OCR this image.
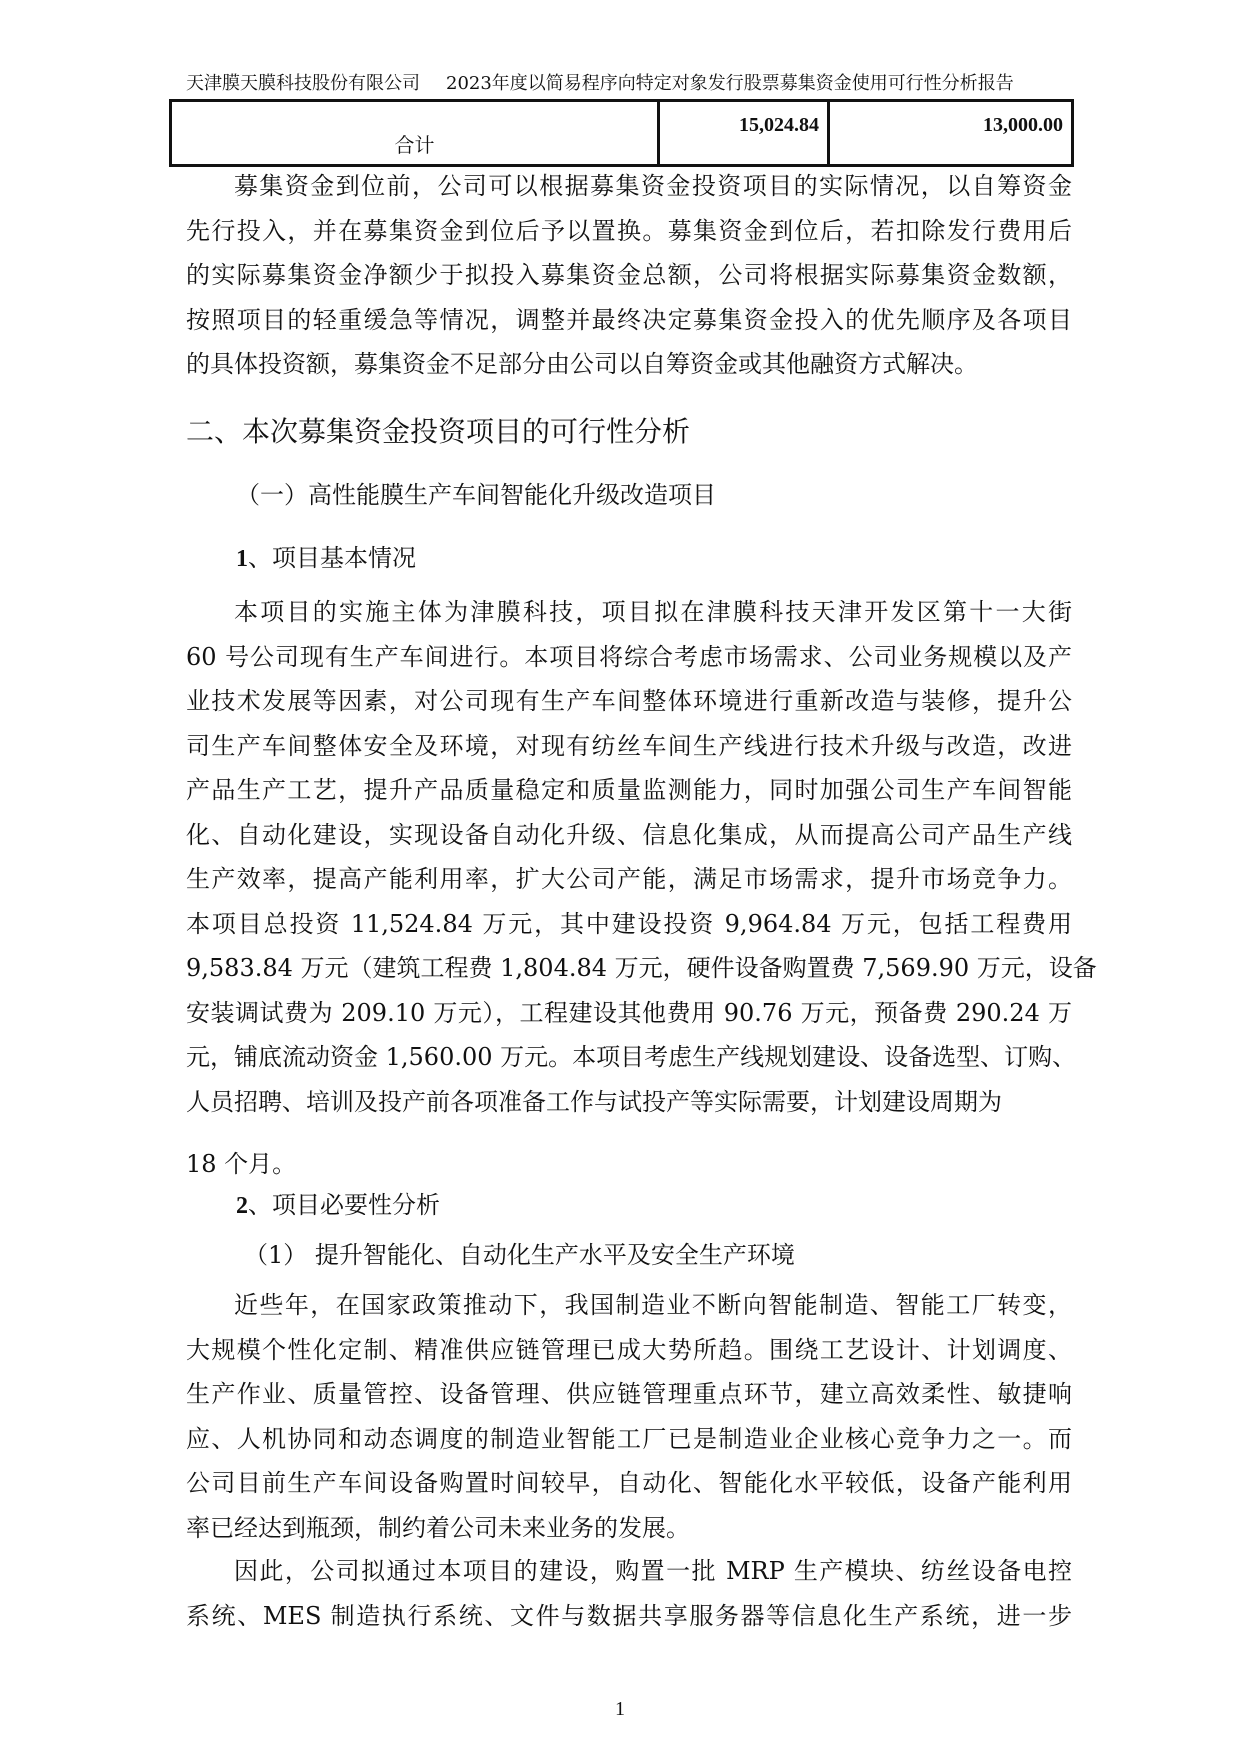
天津膜天膜科技股份有限公司 2023年度以简易程序向特定对象发行股票募集资金使用可行性分析报告
合计	15,024.84	13,000.00
募集资金到位前，公司可以根据募集资金投资项目的实际情况，以自筹资金
先行投入，并在募集资金到位后予以置换。募集资金到位后，若扣除发行费用后
的实际募集资金净额少于拟投入募集资金总额，公司将根据实际募集资金数额，
按照项目的轻重缓急等情况，调整并最终决定募集资金投入的优先顺序及各项目
的具体投资额，募集资金不足部分由公司以自筹资金或其他融资方式解决。
二、本次募集资金投资项目的可行性分析
（一）高性能膜生产车间智能化升级改造项目
1、项目基本情况
本项目的实施主体为津膜科技，项目拟在津膜科技天津开发区第十一大街
60 号公司现有生产车间进行。本项目将综合考虑市场需求、公司业务规模以及产
业技术发展等因素，对公司现有生产车间整体环境进行重新改造与装修，提升公
司生产车间整体安全及环境，对现有纺丝车间生产线进行技术升级与改造，改进
产品生产工艺，提升产品质量稳定和质量监测能力，同时加强公司生产车间智能
化、自动化建设，实现设备自动化升级、信息化集成，从而提高公司产品生产线
生产效率，提高产能利用率，扩大公司产能，满足市场需求，提升市场竞争力。
本项目总投资 11,524.84 万元，其中建设投资 9,964.84 万元，包括工程费用
9,583.84 万元（建筑工程费 1,804.84 万元，硬件设备购置费 7,569.90 万元，设备
安装调试费为 209.10 万元），工程建设其他费用 90.76 万元，预备费 290.24 万
元，铺底流动资金 1,560.00 万元。本项目考虑生产线规划建设、设备选型、订购、
人员招聘、培训及投产前各项准备工作与试投产等实际需要，计划建设周期为
18 个月。
2、项目必要性分析
（1） 提升智能化、自动化生产水平及安全生产环境
近些年，在国家政策推动下，我国制造业不断向智能制造、智能工厂转变，
大规模个性化定制、精准供应链管理已成大势所趋。围绕工艺设计、计划调度、
生产作业、质量管控、设备管理、供应链管理重点环节，建立高效柔性、敏捷响
应、人机协同和动态调度的制造业智能工厂已是制造业企业核心竞争力之一。而
公司目前生产车间设备购置时间较早，自动化、智能化水平较低，设备产能利用
率已经达到瓶颈，制约着公司未来业务的发展。
因此，公司拟通过本项目的建设，购置一批 MRP 生产模块、纺丝设备电控
系统、MES 制造执行系统、文件与数据共享服务器等信息化生产系统，进一步
1
